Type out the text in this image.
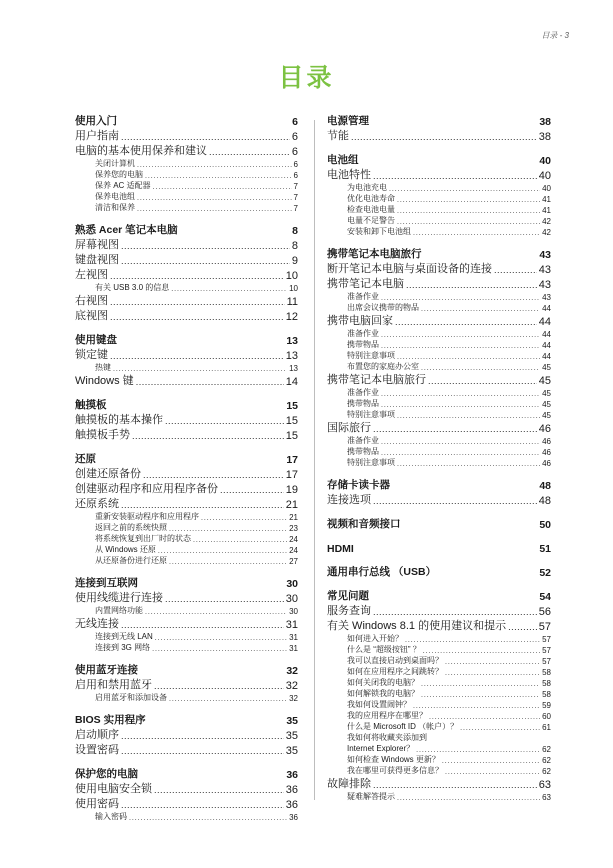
目录 - 3
目录
使用入门	6
用户指南 . . .	6
电脑的基本使用保养和建议 . . .	6
关闭计算机 . . .	6
保养您的电脑 . . .	6
保养 AC 适配器 . . .	7
保养电池组 . . .	7
清洁和保养 . . .	7
熟悉 Acer 笔记本电脑	8
屏幕视图 . . .	8
键盘视图 . . .	9
左视图 . . .	10
有关 USB 3.0 的信息 . . .	10
右视图 . . .	11
底视图 . . .	12
使用键盘	13
锁定键 . . .	13
热键 . . .	13
Windows 键 . . .	14
触摸板	15
触摸板的基本操作 . . .	15
触摸板手势 . . .	15
还原	17
创建还原备份 . . .	17
创建驱动程序和应用程序备份 . . .	19
还原系统 . . .	21
重新安装驱动程序和应用程序 . . .	21
返回之前的系统快照 . . .	23
将系统恢复到出厂时的状态 . . .	24
从 Windows 还原 . . .	24
从还原备份进行还原 . . .	27
连接到互联网	30
使用线缆进行连接 . . .	30
内置网络功能 . . .	30
无线连接 . . .	31
连接到无线 LAN . . .	31
连接到 3G 网络 . . .	31
使用蓝牙连接	32
启用和禁用蓝牙 . . .	32
启用蓝牙和添加设备 . . .	32
BIOS 实用程序	35
启动顺序 . . .	35
设置密码 . . .	35
保护您的电脑	36
使用电脑安全锁 . . .	36
使用密码 . . .	36
输入密码 . . .	36
电源管理	38
节能 . . .	38
电池组	40
电池特性 . . .	40
为电池充电 . . .	40
优化电池寿命 . . .	41
检查电池电量 . . .	41
电量不足警告 . . .	42
安装和卸下电池组 . . .	42
携带笔记本电脑旅行	43
断开笔记本电脑与桌面设备的连接 . . .	43
携带笔记本电脑 . . .	43
准备作业 . . .	43
出席会议携带的物品 . . .	44
携带电脑回家 . . .	44
准备作业 . . .	44
携带物品 . . .	44
特别注意事项 . . .	44
布置您的家庭办公室 . . .	45
携带笔记本电脑旅行 . . .	45
准备作业 . . .	45
携带物品 . . .	45
特别注意事项 . . .	45
国际旅行 . . .	46
准备作业 . . .	46
携带物品 . . .	46
特别注意事项 . . .	46
存储卡读卡器	48
连接选项 . . .	48
视频和音频接口	50
HDMI	51
通用串行总线 （USB）	52
常见问题	54
服务查询 . . .	56
有关 Windows 8.1 的使用建议和提示 . . .	57
如何进入开始？ . . .	57
什么是 “超级按钮” ？ . . .	57
我可以直接启动到桌面吗？ . . .	57
如何在应用程序之间跳转？ . . .	58
如何关闭我的电脑？ . . .	58
如何解锁我的电脑？ . . .	58
我如何设置闹钟？ . . .	59
我的应用程序在哪里？ . . .	60
什么是 Microsoft ID （帐户）？ . . .	61
我如何将收藏夹添加到
Internet Explorer？ . . .	62
如何检查 Windows 更新？ . . .	62
我在哪里可获得更多信息？ . . .	62
故障排除 . . .	63
疑难解答提示 . . .	63
